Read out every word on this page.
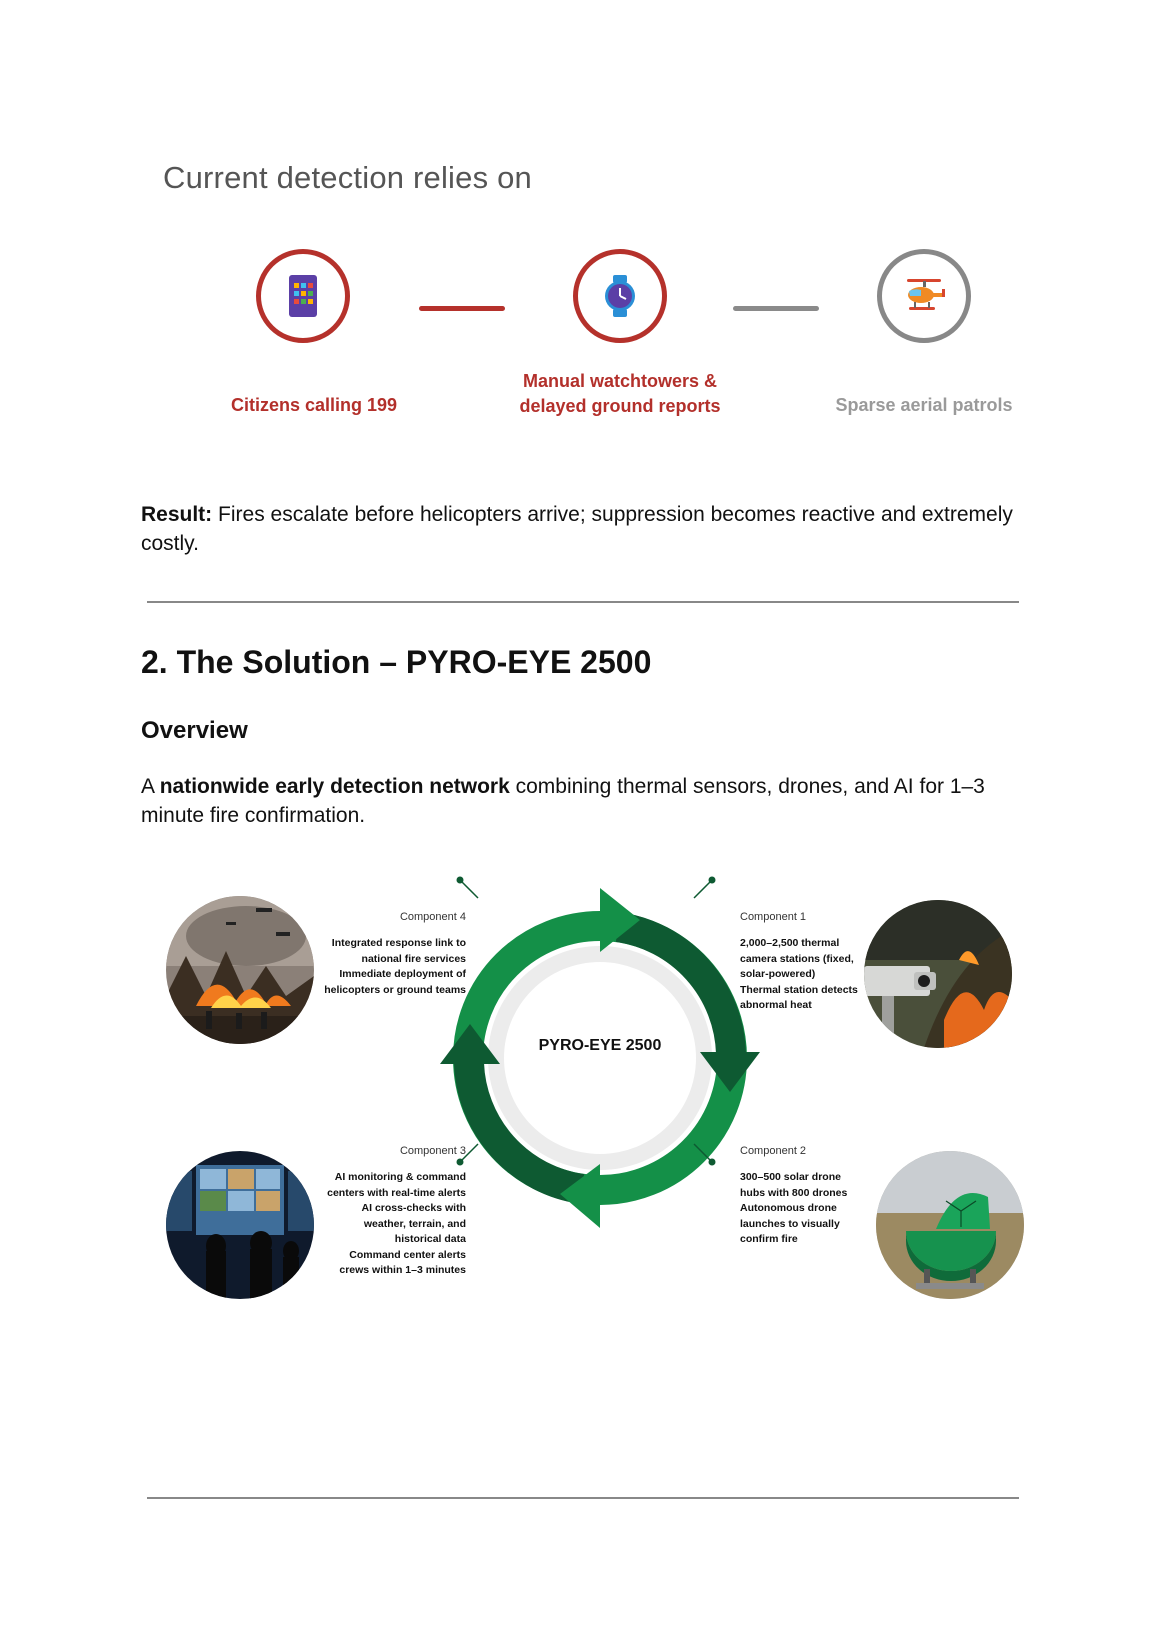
Current detection relies on
Citizens calling 199
Manual watchtowers &
delayed ground reports	Sparse aerial patrols
Result: Fires escalate before helicopters arrive; suppression becomes reactive and extremely costly.
2. The Solution – PYRO-EYE 2500
Overview
A nationwide early detection network combining thermal sensors, drones, and AI for 1–3 minute fire confirmation.
PYRO-EYE 2500
Component 4
Integrated response link to
national fire services
Immediate deployment of
helicopters or ground teams
Component 1
2,000–2,500 thermal
camera stations (fixed,
solar-powered)
Thermal station detects
abnormal heat
Component 3
AI monitoring & command
centers with real-time alerts
AI cross-checks with
weather, terrain, and
historical data
Command center alerts
crews within 1–3 minutes
Component 2
300–500 solar drone
hubs with 800 drones
Autonomous drone
launches to visually
confirm fire
